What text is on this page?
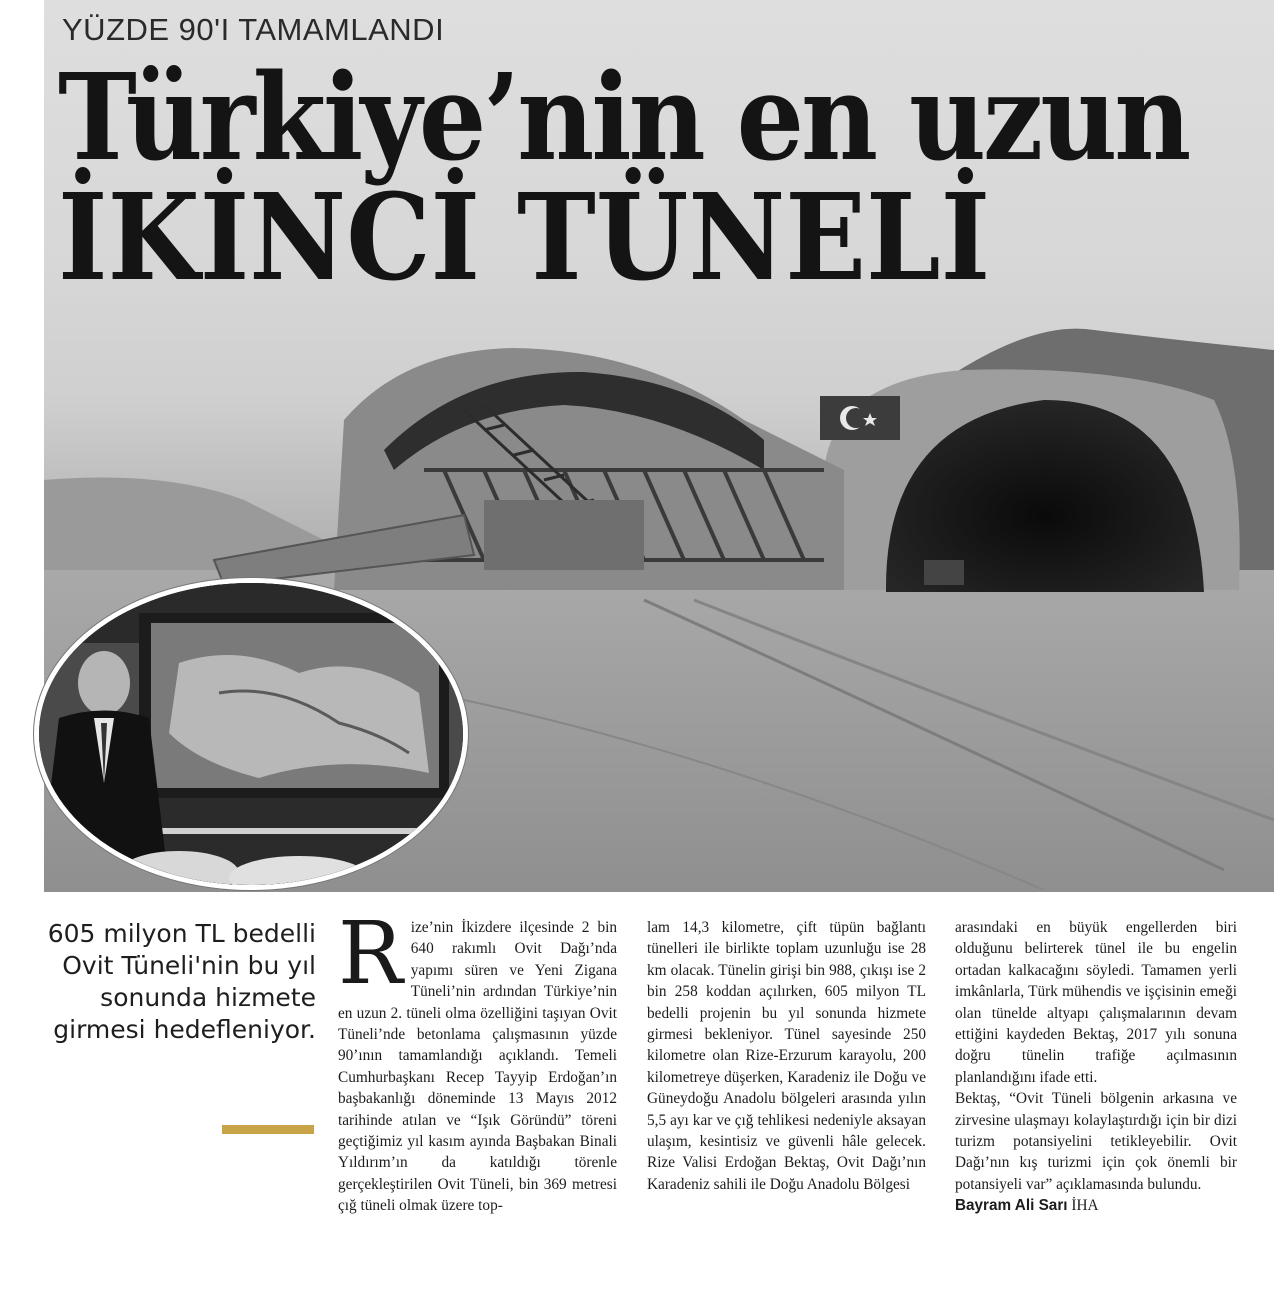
YÜZDE 90'I TAMAMLANDI
Türkiye’nin en uzun
İKİNCİ TÜNELİ
605 milyon TL bedelli Ovit Tüneli'nin bu yıl sonunda hizmete girmesi hedefleniyor.

Rize’nin İkizdere ilçesinde 2 bin 640 rakımlı Ovit Dağı’nda yapımı süren ve Yeni Zigana Tüneli’nin ardından Türkiye’nin en uzun 2. tüneli olma özelliğini taşıyan Ovit Tüneli’nde betonlama çalışmasının yüzde 90’ının tamamlandığı açıklandı. Temeli Cumhurbaşkanı Recep Tayyip Erdoğan’ın başbakanlığı döneminde 13 Mayıs 2012 tarihinde atılan ve “Işık Göründü” töreni geçtiğimiz yıl kasım ayında Başbakan Binali Yıldırım’ın da katıldığı törenle gerçekleştirilen Ovit Tüneli, bin 369 metresi çığ tüneli olmak üzere top-

lam 14,3 kilometre, çift tüpün bağlantı tünelleri ile birlikte toplam uzunluğu ise 28 km olacak. Tünelin girişi bin 988, çıkışı ise 2 bin 258 koddan açılırken, 605 milyon TL bedelli projenin bu yıl sonunda hizmete girmesi bekleniyor. Tünel sayesinde 250 kilometre olan Rize-Erzurum karayolu, 200 kilometreye düşerken, Karadeniz ile Doğu ve Güneydoğu Anadolu bölgeleri arasında yılın 5,5 ayı kar ve çığ tehlikesi nedeniyle aksayan ulaşım, kesintisiz ve güvenli hâle gelecek. Rize Valisi Erdoğan Bektaş, Ovit Dağı’nın Karadeniz sahili ile Doğu Anadolu Bölgesi

arasındaki en büyük engellerden biri olduğunu belirterek tünel ile bu engelin ortadan kalkacağını söyledi. Tamamen yerli imkânlarla, Türk mühendis ve işçisinin emeği olan tünelde altyapı çalışmalarının devam ettiğini kaydeden Bektaş, 2017 yılı sonuna doğru tünelin trafiğe açılmasının planlandığını ifade etti.

Bektaş, “Ovit Tüneli bölgenin arkasına ve zirvesine ulaşmayı kolaylaştırdığı için bir dizi turizm potansiyelini tetikleyebilir. Ovit Dağı’nın kış turizmi için çok önemli bir potansiyeli var” açıklamasında bulundu.

Bayram Ali Sarı İHA
